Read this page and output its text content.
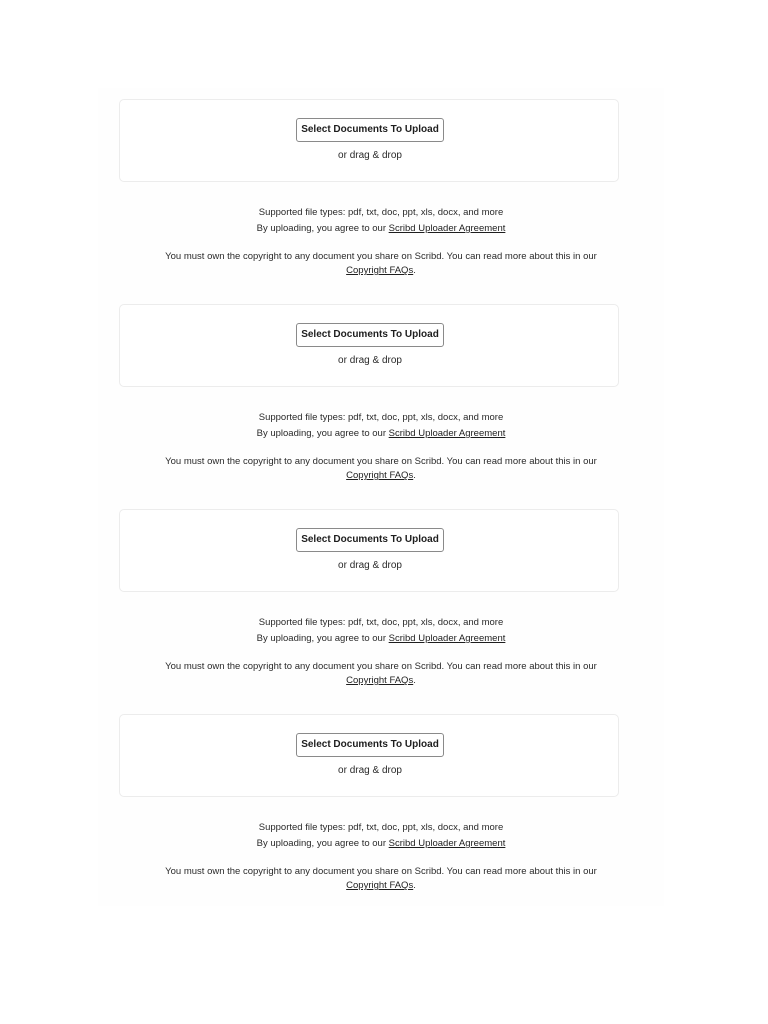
Select Documents To Upload
or drag & drop
Supported file types: pdf, txt, doc, ppt, xls, docx, and more
By uploading, you agree to our Scribd Uploader Agreement
You must own the copyright to any document you share on Scribd. You can read more about this in our
Copyright FAQs.
Select Documents To Upload
or drag & drop
Supported file types: pdf, txt, doc, ppt, xls, docx, and more
By uploading, you agree to our Scribd Uploader Agreement
You must own the copyright to any document you share on Scribd. You can read more about this in our
Copyright FAQs.
Select Documents To Upload
or drag & drop
Supported file types: pdf, txt, doc, ppt, xls, docx, and more
By uploading, you agree to our Scribd Uploader Agreement
You must own the copyright to any document you share on Scribd. You can read more about this in our
Copyright FAQs.
Select Documents To Upload
or drag & drop
Supported file types: pdf, txt, doc, ppt, xls, docx, and more
By uploading, you agree to our Scribd Uploader Agreement
You must own the copyright to any document you share on Scribd. You can read more about this in our
Copyright FAQs.
